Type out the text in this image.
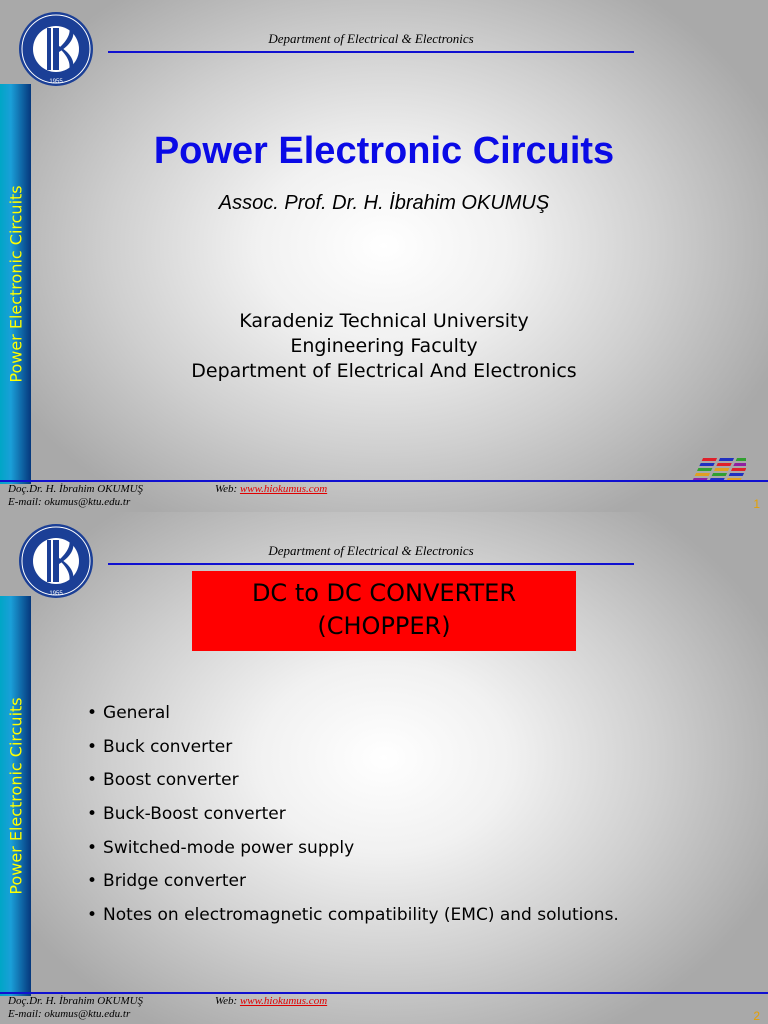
Power Electronic Circuits
1955
Department of Electrical & Electronics
Power Electronic Circuits
Assoc. Prof. Dr. H. İbrahim OKUMUŞ
Karadeniz Technical University
Engineering Faculty
Department of Electrical And Electronics
Doç.Dr. H. İbrahim OKUMUŞ
E-mail: okumus@ktu.edu.tr
Web: www.hiokumus.com
1
Power Electronic Circuits
1955
Department of Electrical & Electronics
DC to DC CONVERTER
(CHOPPER)
• General
• Buck converter
• Boost converter
• Buck-Boost converter
• Switched-mode power supply
• Bridge converter
• Notes on electromagnetic compatibility (EMC) and solutions.
Doç.Dr. H. İbrahim OKUMUŞ
E-mail: okumus@ktu.edu.tr
Web: www.hiokumus.com
2
